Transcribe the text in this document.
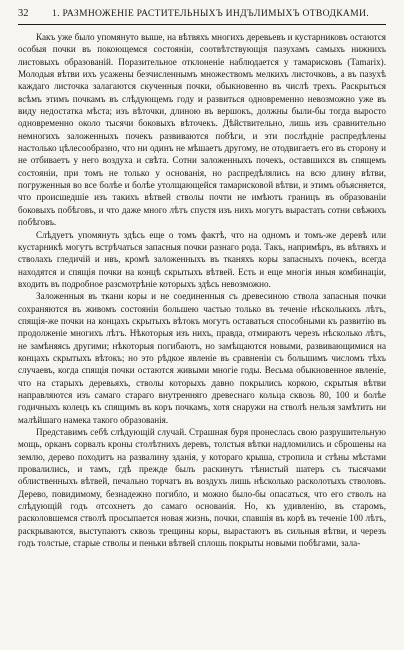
32 1. РАЗМНОЖЕНІЕ РАСТИТЕЛЬНЫХЪ ИНДЪЛИМЫХЪ ОТВОДКАМИ.

Какъ уже было упомянуто выше, на вѣтвяхъ многихъ деревьевъ и кустарниковъ остаются особыя почки въ покоющемся состояніи, соотвѣтствующія пазухамъ самыхъ нижнихъ листовыхъ образованій. Поразительное отклоненіе наблюдается у тамарисковъ (Tamarix). Молодыя вѣтви ихъ усажены безчисленнымъ множествомъ мелкихъ листочковъ, а въ пазухѣ каждаго листочка залагаются скученныя почки, обыкновенно въ числѣ трехъ. Раскрыться всѣмъ этимъ почкамъ въ слѣдующемъ году и развиться одновременно невозможно уже въ виду недостатка мѣста; изъ вѣточки, длиною въ вершокъ, должны были-бы тогда выросто одновременно около тысячи боковыхъ вѣточекъ. Дѣйствительно, лишь изъ сравнительно немногихъ заложенныхъ почекъ развиваются побѣги, и эти послѣдніе распредѣлены настолько цѣлесообразно, что ни одинъ не мѣшаетъ другому, не отодвигаетъ его въ сторону и не отбиваетъ у него воздуха и свѣта. Сотни заложенныхъ почекъ, оставшихся въ спящемъ состояніи, при томъ не только у основанія, но распредѣлялись на всю длину вѣтви, погруженныя во все болѣе и болѣе утолщающейся тамарисковой вѣтви, и этимъ объясняется, что происшедшіе изъ такихъ вѣтвей стволы почти не имѣютъ границъ въ образованіи боковыхъ побѣговъ, и что даже много лѣтъ спустя изъ нихъ могутъ вырастать сотни свѣжихъ побѣговъ.

Слѣдуетъ упомянуть здѣсь еще о томъ фактѣ, что на одномъ и томъ-же деревѣ или кустарникѣ могутъ встрѣчаться запасныя почки разнаго рода. Такъ, напримѣръ, въ вѣтвяхъ и стволахъ гледичій и ивъ, кромѣ заложенныхъ въ тканяхъ коры запасныхъ почекъ, всегда находятся и спящія почки на концѣ скрытыхъ вѣтвей. Есть и еще многія иныя комбинаціи, входить въ подробное разсмотрѣніе которыхъ здѣсь невозможно.

Заложенныя въ ткани коры и не соединенныя съ древесиною ствола запасныя почки сохраняются въ живомъ состояніи большею частью только въ теченіе нѣсколькихъ лѣтъ, спящія-же почки на концахъ скрытыхъ вѣтокъ могутъ оставаться способными къ развитію въ продолженіе многихъ лѣтъ. Нѣкоторыя изъ нихъ, правда, отмираютъ черезъ нѣсколько лѣтъ, не замѣняясь другими; нѣкоторыя погибаютъ, но замѣщаются новыми, развивающимися на концахъ скрытыхъ вѣтокъ; но это рѣдкое явленіе въ сравненіи съ большимъ числомъ тѣхъ случаевъ, когда спящія почки остаются живыми многіе годы. Весьма обыкновенное явленіе, что на старыхъ деревьяхъ, стволы которыхъ давно покрылись коркою, скрытыя вѣтви направляются изъ самаго стараго внутренняго древеснаго кольца сквозь 80, 100 и болѣе годичныхъ колецъ къ спящимъ въ коръ почкамъ, хотя снаружи на стволѣ нельзя замѣтить ни малѣйшаго намека такого образованія.

Представимъ себѣ слѣдующій случай. Страшная буря пронеслась свою разрушительную мощь, орканъ сорвалъ кроны столѣтнихъ деревъ, толстыя вѣтки надломились и сброшены на землю, дерево походитъ на развалину зданія, у котораго крыша, стропила и стѣны мѣстами провалились, и тамъ, гдѣ прежде былъ раскинутъ тѣнистый шатеръ съ тысячами облиственныхъ вѣтвей, печально торчатъ въ воздухъ лишь нѣсколько расколотыхъ стволовъ. Дерево, повидимому, безнадежно погибло, и можно было-бы опасаться, что его стволъ на слѣдующій годъ отсохнетъ до самаго основанія. Но, къ удивленію, въ старомъ, расколовшемся стволѣ просыпается новая жизнь, почки, спавшія въ корѣ въ теченіе 100 лѣтъ, раскрываются, выступаютъ сквозь трещины коры, вырастаютъ въ сильныя вѣтви, и черезъ годъ толстые, старые стволы и пеньки вѣтвей сплошь покрыты новыми побѣгами, зала-
